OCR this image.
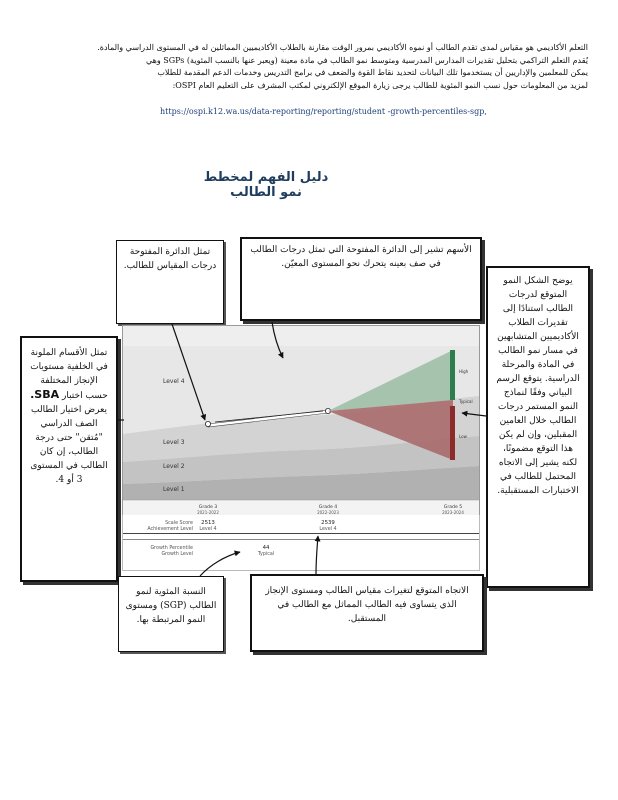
التعلم الأكاديمي هو مقياس لمدى تقدم الطالب أو نموه الأكاديمي بمرور الوقت مقارنة بالطلاب الأكاديميين المماثلين له في المستوى الدراسي والمادة.
يُقدم التعلم التراكمي بتحليل تقديرات المدارس المدرسية ومتوسط نمو الطالب في مادة معينة (ويعبر عنها بالنسب المئوية) SGPs وهي
يمكن للمعلمين والإداريين أن يستخدموا تلك البيانات لتحديد نقاط القوة والضعف في برامج التدريس وخدمات الدعم المقدمة للطلاب
لمزيد من المعلومات حول نسب النمو المئوية للطالب يرجى زيارة الموقع الإلكتروني لمكتب المشرف على التعليم العام OSPI:
https://ospi.k12.wa.us/data-reporting/reporting/student -growth-percentiles-sgp,
دليل الفهم لمخطط نمو الطالب
تمثل الدائرة المفتوحة درجات المقياس للطالب.
الأسهم تشير إلى الدائرة المفتوحة التي تمثل درجات الطالب في صف بعينه يتحرك نحو المستوى المعيّن.
تمثل الأقسام الملونة في الخلفية مستويات الإنجاز المختلفة حسب اختبار SBA. يعرض اختيار الطالب الصف الدراسي "مُتقن" حتى درجة الطالب، إن كان الطالب في المستوى 3 أو 4.
يوضح الشكل النمو المتوقع لدرجات الطالب استنادًا إلى تقديرات الطلاب الأكاديميين المتشابهين في مسار نمو الطالب في المادة والمرحلة الدراسية. يتوقع الرسم البياني وفقًا لنماذج النمو المستمر درجات الطالب خلال العامين المقبلين، وإن لم يكن هذا التوقع مضمونًا، لكنه يشير إلى الاتجاه المحتمل للطالب في الاختبارات المستقبلية.
النسبة المئوية لنمو الطالب (SGP) ومستوى النمو المرتبطة بها.
الاتجاه المتوقع لتغيرات مقياس الطالب ومستوى الإنجاز الذي يتساوى فيه الطالب المماثل مع الطالب في المستقبل.
Level 4
Level 3
Level 2
Level 1
High
Typical
Low
Grade 3
2021-2022
Grade 4
2022-2023
Grade 5
2023-2024
Scale Score
Achievement Level
2513
Level 4
2539
Level 4
Growth Percentile
Growth Level
44
Typical
